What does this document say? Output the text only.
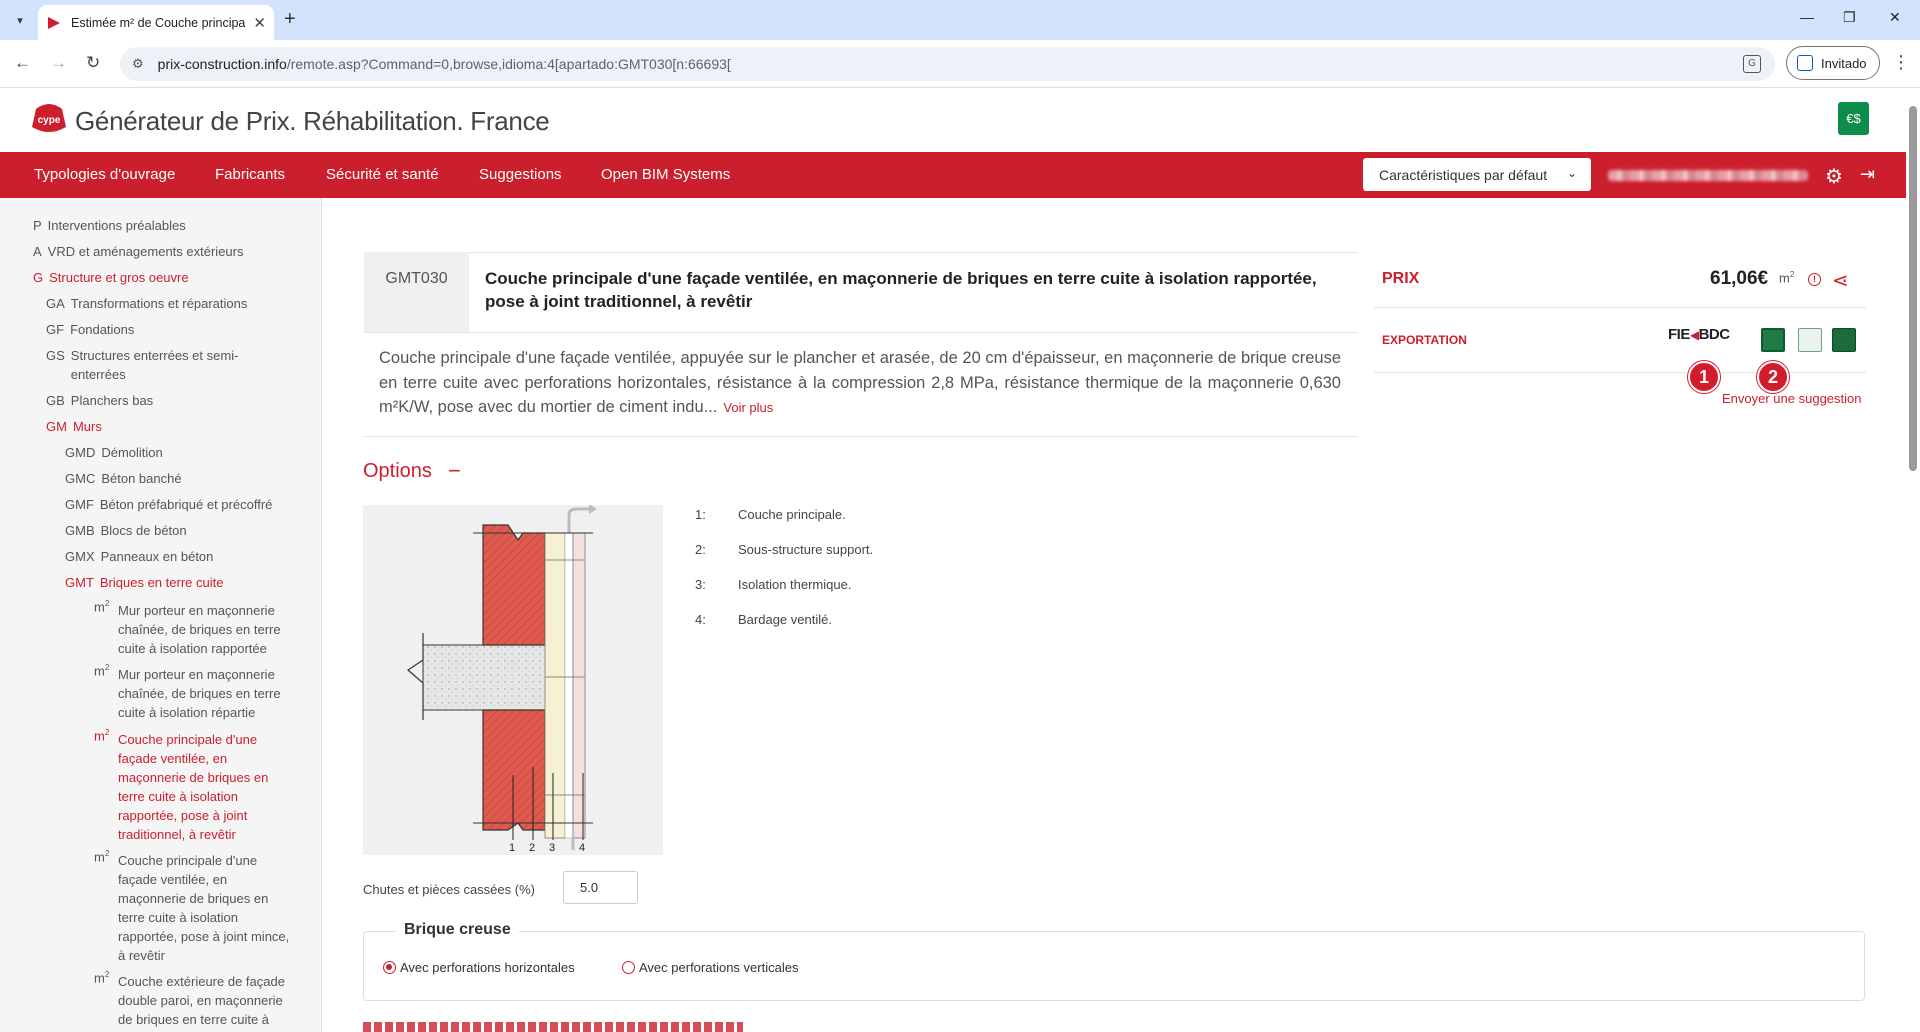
▾	Estimée m² de Couche principa ✕ +	— ❐ ✕
← → ↻ ⚙ prix-construction.info/remote.asp?Command=0,browse,idioma:4[apartado:GMT030[n:66693[	G	Invitado ⋮
cype Générateur de Prix. Réhabilitation. France	€$
Typologies d'ouvrage	Fabricants	Sécurité et santé	Suggestions	Open BIM Systems	Caractéristiques par défaut ⌄	⚙ ⇥
P Interventions préalables
A VRD et aménagements extérieurs
G Structure et gros oeuvre
GA Transformations et réparations
GF Fondations
GS Structures enterrées et semi-enterrées
GB Planchers bas
GM Murs
GMD Démolition
GMC Béton banché
GMF Béton préfabriqué et précoffré
GMB Blocs de béton
GMX Panneaux en béton
GMT Briques en terre cuite
$m^2$ Mur porteur en maçonnerie chaînée, de briques en terre cuite à isolation rapportée
$m^2$ Mur porteur en maçonnerie chaînée, de briques en terre cuite à isolation répartie
$m^2$ Couche principale d'une façade ventilée, en maçonnerie de briques en terre cuite à isolation rapportée, pose à joint traditionnel, à revêtir
$m^2$ Couche principale d'une façade ventilée, en maçonnerie de briques en terre cuite à isolation rapportée, pose à joint mince, à revêtir
$m^2$ Couche extérieure de façade double paroi, en maçonnerie de briques en terre cuite à
GMT030	Couche principale d'une façade ventilée, en maçonnerie de briques en terre cuite à isolation rapportée, pose à joint traditionnel, à revêtir
Couche principale d'une façade ventilée, appuyée sur le plancher et arasée, de 20 cm d'épaisseur, en maçonnerie de brique creuse en terre cuite avec perforations horizontales, résistance à la compression 2,8 MPa, résistance thermique de la maçonnerie 0,630 m²K/W, pose avec du mortier de ciment indu... Voir plus
Options −
1 2 3 4
1: Couche principale.
2: Sous-structure support.
3: Isolation thermique.
4: Bardage ventilé.
Chutes et pièces cassées (%)
5.0
Brique creuse
Avec perforations horizontales	Avec perforations verticales
PRIX	61,06€ $m^2$	! ⋖
EXPORTATION	FIE◀BDC
1	2
Envoyer une suggestion
